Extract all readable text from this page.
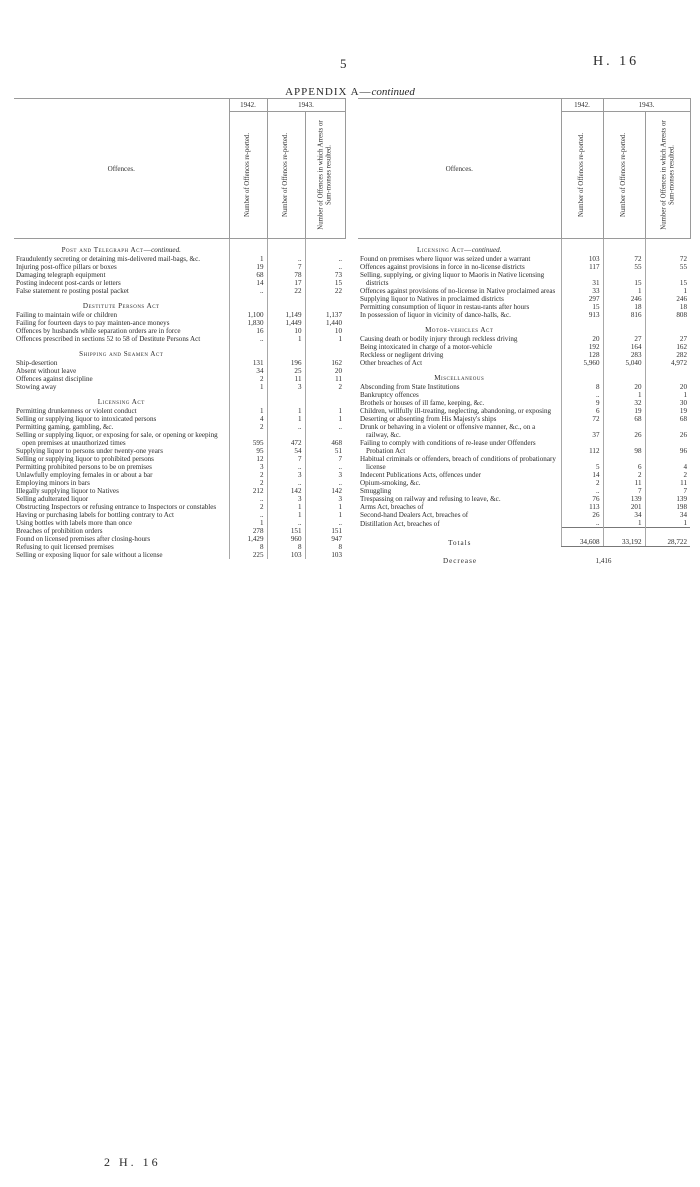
5	H. 16
APPENDIX A—continued
Offences.	1942.	1943.	

	Number of Offences re-ported.	Number of Offences re-ported.	Number of Offences in which Arrests or Sum-monses resulted.

Post and Telegraph Act—continued.			
Fraudulently secreting or detaining mis-delivered mail-bags, &c.	1	..	..
Injuring post-office pillars or boxes	19	7	..
Damaging telegraph equipment	68	78	73
Posting indecent post-cards or letters	14	17	15
False statement re posting postal packet	..	22	22
Destitute Persons Act			
Failing to maintain wife or children	1,100	1,149	1,137
Failing for fourteen days to pay mainten-ance moneys	1,830	1,449	1,440
Offences by husbands while separation orders are in force	16	10	10
Offences prescribed in sections 52 to 58 of Destitute Persons Act	..	1	1
Shipping and Seamen Act			
Ship-desertion	131	196	162
Absent without leave	34	25	20
Offences against discipline	2	11	11
Stowing away	1	3	2
Licensing Act			
Permitting drunkenness or violent conduct	1	1	1
Selling or supplying liquor to intoxicated persons	4	1	1
Permitting gaming, gambling, &c.	2	..	..
Selling or supplying liquor, or exposing for sale, or opening or keeping open premises at unauthorized times	595	472	468
Supplying liquor to persons under twenty-one years	95	54	51
Selling or supplying liquor to prohibited persons	12	7	7
Permitting prohibited persons to be on premises	3	..	..
Unlawfully employing females in or about a bar	2	3	3
Employing minors in bars	2	..	..
Illegally supplying liquor to Natives	212	142	142
Selling adulterated liquor	..	3	3
Obstructing Inspectors or refusing entrance to Inspectors or constables	2	1	1
Having or purchasing labels for bottling contrary to Act	..	1	1
Using bottles with labels more than once	1	..	..
Breaches of prohibition orders	278	151	151
Found on licensed premises after closing-hours	1,429	960	947
Refusing to quit licensed premises	8	8	8
Selling or exposing liquor for sale without a license	225	103	103
Offences.	1942.	1943.	

	Number of Offences re-ported.	Number of Offences re-ported.	Number of Offences in which Arrests or Sum-monses resulted.

Licensing Act—continued.			
Found on premises where liquor was seized under a warrant	103	72	72
Offences against provisions in force in no-license districts	117	55	55
Selling, supplying, or giving liquor to Maoris in Native licensing districts	31	15	15
Offences against provisions of no-license in Native proclaimed areas	33	1	1
Supplying liquor to Natives in proclaimed districts	297	246	246
Permitting consumption of liquor in restau-rants after hours	15	18	18
In possession of liquor in vicinity of dance-halls, &c.	913	816	808
Motor-vehicles Act			
Causing death or bodily injury through reckless driving	20	27	27
Being intoxicated in charge of a motor-vehicle	192	164	162
Reckless or negligent driving	128	283	282
Other breaches of Act	5,960	5,040	4,972
Miscellaneous			
Absconding from State Institutions	8	20	20
Bankruptcy offences	..	1	1
Brothels or houses of ill fame, keeping, &c.	9	32	30
Children, willfully ill-treating, neglecting, abandoning, or exposing	6	19	19
Deserting or absenting from His Majesty's ships	72	68	68
Drunk or behaving in a violent or offensive manner, &c., on a railway, &c.	37	26	26
Failing to comply with conditions of re-lease under Offenders Probation Act	112	98	96
Habitual criminals or offenders, breach of conditions of probationary license	5	6	4
Indecent Publications Acts, offences under	14	2	2
Opium-smoking, &c.	2	11	11
Smuggling	..	7	7
Trespassing on railway and refusing to leave, &c.	76	139	139
Arms Act, breaches of	113	201	198
Second-hand Dealers Act, breaches of	26	34	34
Distillation Act, breaches of	..	1	1
Totals	34,608	33,192	28,722
Decrease	1,416		
2 H. 16
